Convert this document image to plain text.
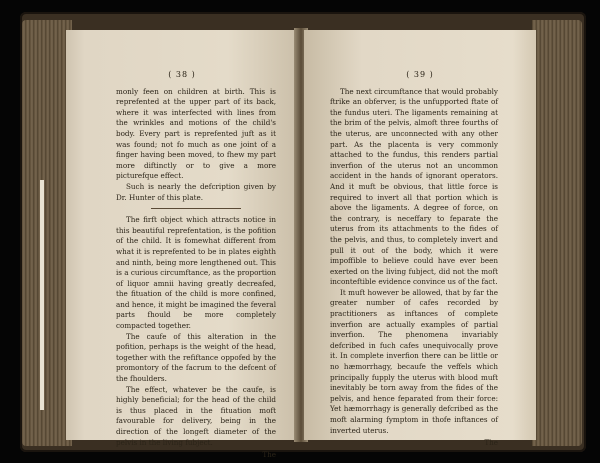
( 38 )

monly feen on children at birth. This is reprefented at the upper part of its back, where it was interfected with lines from the wrinkles and motions of the child's body. Every part is reprefented juft as it was found; not fo much as one joint of a finger having been moved, to fhew my part more diftinctly or to give a more picturefque effect.

Such is nearly the defcription given by Dr. Hunter of this plate.

The firft object which attracts notice in this beautiful reprefentation, is the pofition of the child. It is fomewhat different from what it is reprefented to be in plates eighth and ninth, being more lengthened out. This is a curious circumftance, as the proportion of liquor amnii having greatly decreafed, the fituation of the child is more confined, and hence, it might be imagined the feveral parts fhould be more completely compacted together.

The caufe of this alteration in the pofition, perhaps is the weight of the head, together with the refiftance oppofed by the promontory of the facrum to the defcent of the fhoulders.

The effect, whatever be the caufe, is highly beneficial; for the head of the child is thus placed in the fituation moft favourable for delivery, being in the direction of the longeft diameter of the pelvis in the living fubject.

The
( 39 )

The next circumftance that would probably ftrike an obferver, is the unfupported ftate of the fundus uteri. The ligaments remaining at the brim of the pelvis, almoft three fourths of the uterus, are unconnected with any other part. As the placenta is very commonly attached to the fundus, this renders partial inverfion of the uterus not an uncommon accident in the hands of ignorant operators. And it muft be obvious, that little force is required to invert all that portion which is above the ligaments. A degree of force, on the contrary, is neceffary to feparate the uterus from its attachments to the fides of the pelvis, and thus, to completely invert and pull it out of the body, which it were impoffible to believe could have ever been exerted on the living fubject, did not the moft inconteftible evidence convince us of the fact.

It muft however be allowed, that by far the greater number of cafes recorded by practitioners as inftances of complete inverfion are actually examples of partial inverfion. The phenomena invariably defcribed in fuch cafes unequivocally prove it. In complete inverfion there can be little or no hæmorrhagy, becaufe the veffels which principally fupply the uterus with blood muft inevitably be torn away from the fides of the pelvis, and hence feparated from their force: Yet hæmorrhagy is generally defcribed as the moft alarming fymptom in thofe inftances of inverted uterus.

The
